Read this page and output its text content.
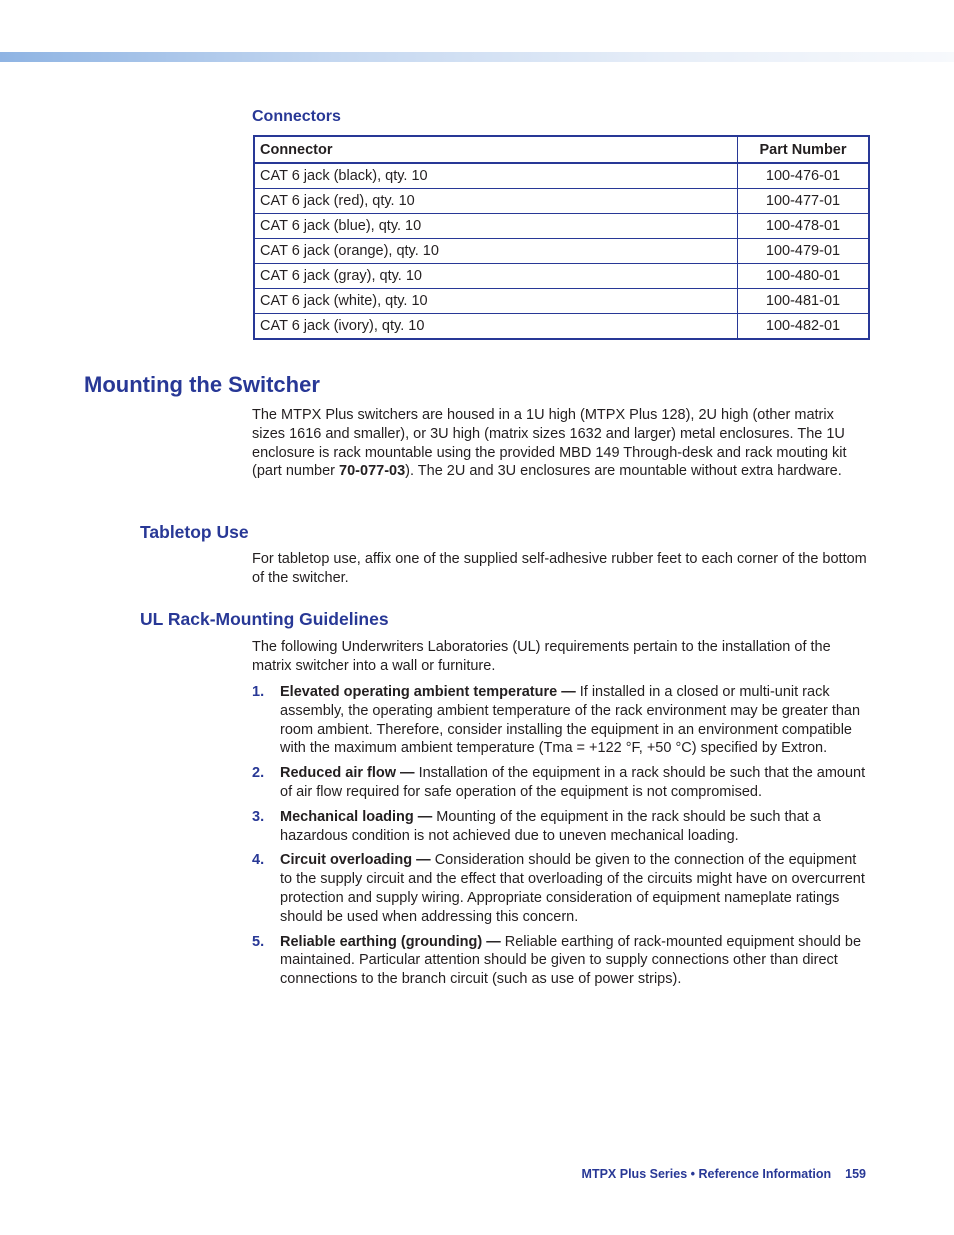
Connectors
Connector	Part Number
CAT 6 jack (black), qty. 10	100-476-01
CAT 6 jack (red), qty. 10	100-477-01
CAT 6 jack (blue), qty. 10	100-478-01
CAT 6 jack (orange), qty. 10	100-479-01
CAT 6 jack (gray), qty. 10	100-480-01
CAT 6 jack (white), qty. 10	100-481-01
CAT 6 jack (ivory), qty. 10	100-482-01
Mounting the Switcher

The MTPX Plus switchers are housed in a 1U high (MTPX Plus 128), 2U high (other matrix sizes 1616 and smaller), or 3U high (matrix sizes 1632 and larger) metal enclosures. The 1U enclosure is rack mountable using the provided MBD 149 Through-desk and rack mouting kit (part number 70-077-03). The 2U and 3U enclosures are mountable without extra hardware.

Tabletop Use

For tabletop use, affix one of the supplied self-adhesive rubber feet to each corner of the bottom of the switcher.

UL Rack-Mounting Guidelines

The following Underwriters Laboratories (UL) requirements pertain to the installation of the matrix switcher into a wall or furniture.

1. Elevated operating ambient temperature — If installed in a closed or multi-unit rack assembly, the operating ambient temperature of the rack environment may be greater than room ambient. Therefore, consider installing the equipment in an environment compatible with the maximum ambient temperature (Tma = +122 °F, +50 °C) specified by Extron.
2. Reduced air flow — Installation of the equipment in a rack should be such that the amount of air flow required for safe operation of the equipment is not compromised.
3. Mechanical loading — Mounting of the equipment in the rack should be such that a hazardous condition is not achieved due to uneven mechanical loading.
4. Circuit overloading — Consideration should be given to the connection of the equipment to the supply circuit and the effect that overloading of the circuits might have on overcurrent protection and supply wiring. Appropriate consideration of equipment nameplate ratings should be used when addressing this concern.
5. Reliable earthing (grounding) — Reliable earthing of rack-mounted equipment should be maintained. Particular attention should be given to supply connections other than direct connections to the branch circuit (such as use of power strips).
MTPX Plus Series • Reference Information 159
